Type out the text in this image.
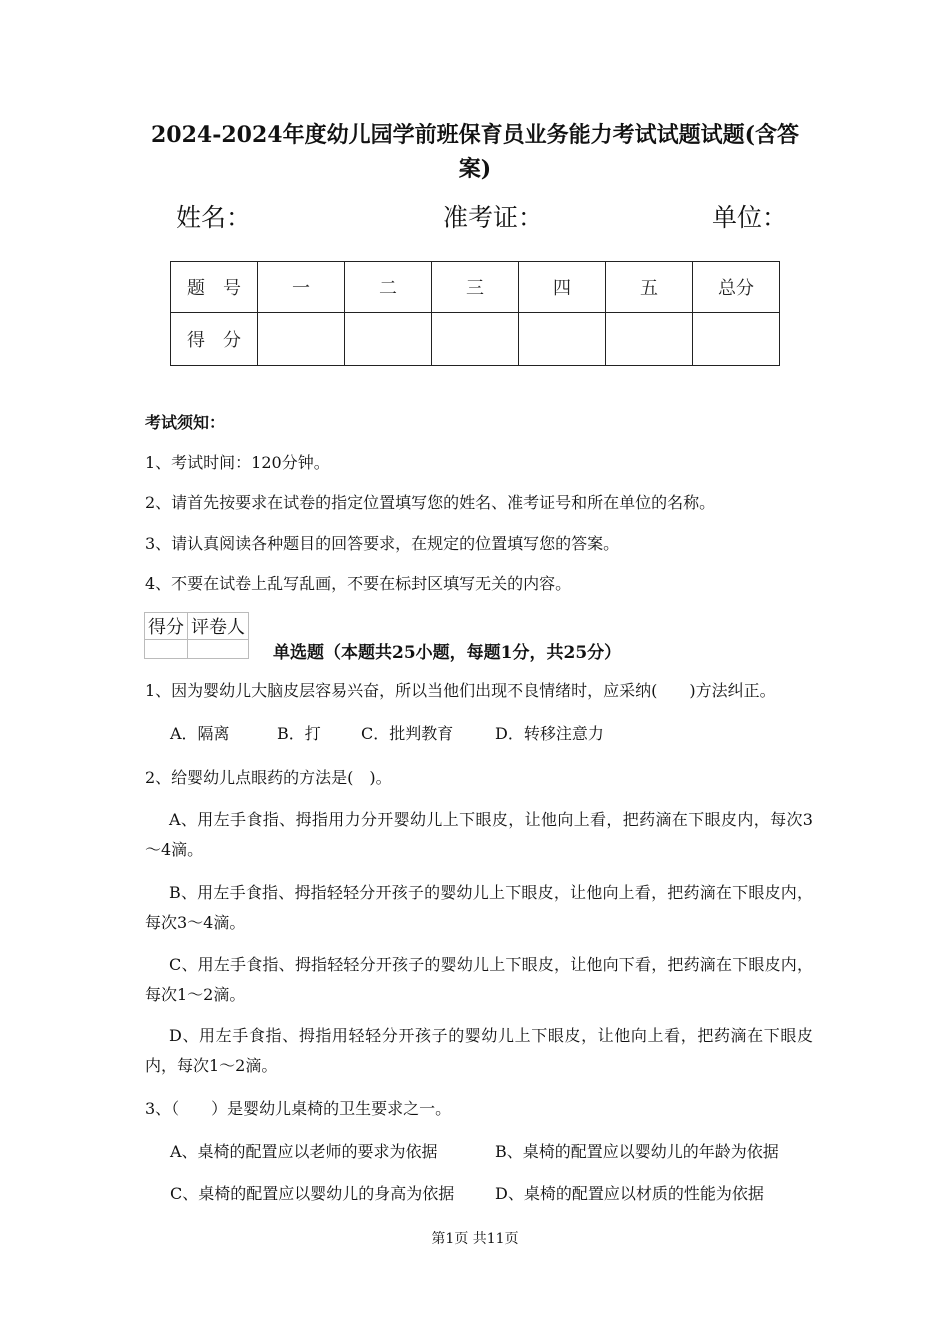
2024-2024年度幼儿园学前班保育员业务能力考试试题试题(含答案)
姓名：	准考证：	单位：
题　号	一	二	三	四	五	总分
得　分						
考试须知：
1、考试时间：120分钟。
2、请首先按要求在试卷的指定位置填写您的姓名、准考证号和所在单位的名称。
3、请认真阅读各种题目的回答要求，在规定的位置填写您的答案。
4、不要在试卷上乱写乱画，不要在标封区填写无关的内容。
得分	评卷人

单选题（本题共25小题，每题1分，共25分）
1、因为婴幼儿大脑皮层容易兴奋，所以当他们出现不良情绪时，应采纳(　　)方法纠正。
A．隔离	B．打	C．批判教育	D．转移注意力
2、给婴幼儿点眼药的方法是(　)。
A、用左手食指、拇指用力分开婴幼儿上下眼皮，让他向上看，把药滴在下眼皮内，每次3～4滴。
B、用左手食指、拇指轻轻分开孩子的婴幼儿上下眼皮，让他向上看，把药滴在下眼皮内，每次3～4滴。
C、用左手食指、拇指轻轻分开孩子的婴幼儿上下眼皮，让他向下看，把药滴在下眼皮内，每次1～2滴。
D、用左手食指、拇指用轻轻分开孩子的婴幼儿上下眼皮，让他向上看，把药滴在下眼皮内，每次1～2滴。
3、（　　）是婴幼儿桌椅的卫生要求之一。
A、桌椅的配置应以老师的要求为依据	B、桌椅的配置应以婴幼儿的年龄为依据
C、桌椅的配置应以婴幼儿的身高为依据	D、桌椅的配置应以材质的性能为依据
第1页 共11页
